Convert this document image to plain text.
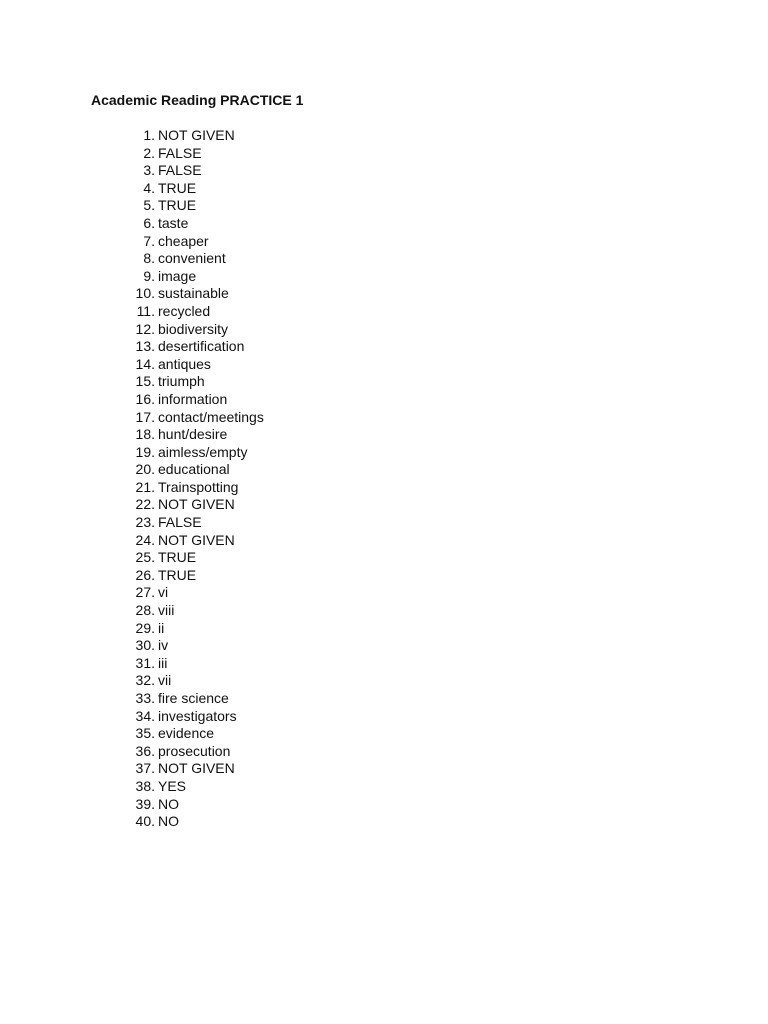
Academic Reading PRACTICE 1
1. NOT GIVEN
2. FALSE
3. FALSE
4. TRUE
5. TRUE
6. taste
7. cheaper
8. convenient
9. image
10. sustainable
11. recycled
12. biodiversity
13. desertification
14. antiques
15. triumph
16. information
17. contact/meetings
18. hunt/desire
19. aimless/empty
20. educational
21. Trainspotting
22. NOT GIVEN
23. FALSE
24. NOT GIVEN
25. TRUE
26. TRUE
27. vi
28. viii
29. ii
30. iv
31. iii
32. vii
33. fire science
34. investigators
35. evidence
36. prosecution
37. NOT GIVEN
38. YES
39. NO
40. NO
